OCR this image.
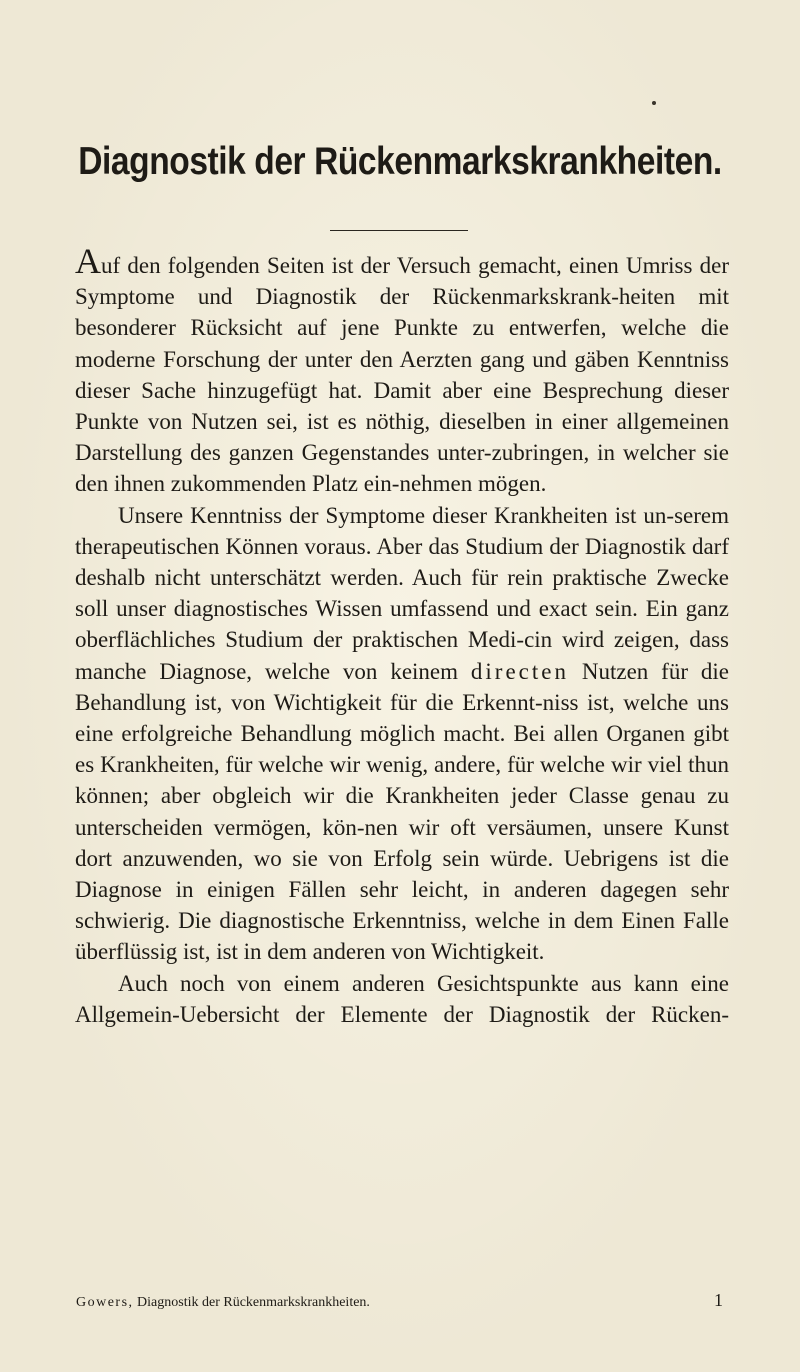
Diagnostik der Rückenmarkskrankheiten.

Auf den folgenden Seiten ist der Versuch gemacht, einen Umriss der Symptome und Diagnostik der Rückenmarkskrank-heiten mit besonderer Rücksicht auf jene Punkte zu entwerfen, welche die moderne Forschung der unter den Aerzten gang und gäben Kenntniss dieser Sache hinzugefügt hat. Damit aber eine Besprechung dieser Punkte von Nutzen sei, ist es nöthig, dieselben in einer allgemeinen Darstellung des ganzen Gegenstandes unter-zubringen, in welcher sie den ihnen zukommenden Platz ein-nehmen mögen.

Unsere Kenntniss der Symptome dieser Krankheiten ist un-serem therapeutischen Können voraus. Aber das Studium der Diagnostik darf deshalb nicht unterschätzt werden. Auch für rein praktische Zwecke soll unser diagnostisches Wissen umfassend und exact sein. Ein ganz oberflächliches Studium der praktischen Medi-cin wird zeigen, dass manche Diagnose, welche von keinem directen Nutzen für die Behandlung ist, von Wichtigkeit für die Erkennt-niss ist, welche uns eine erfolgreiche Behandlung möglich macht. Bei allen Organen gibt es Krankheiten, für welche wir wenig, andere, für welche wir viel thun können; aber obgleich wir die Krankheiten jeder Classe genau zu unterscheiden vermögen, kön-nen wir oft versäumen, unsere Kunst dort anzuwenden, wo sie von Erfolg sein würde. Uebrigens ist die Diagnose in einigen Fällen sehr leicht, in anderen dagegen sehr schwierig. Die diagnostische Erkenntniss, welche in dem Einen Falle überflüssig ist, ist in dem anderen von Wichtigkeit.

Auch noch von einem anderen Gesichtspunkte aus kann eine Allgemein-Uebersicht der Elemente der Diagnostik der Rücken-

Gowers, Diagnostik der Rückenmarkskrankheiten.	1
